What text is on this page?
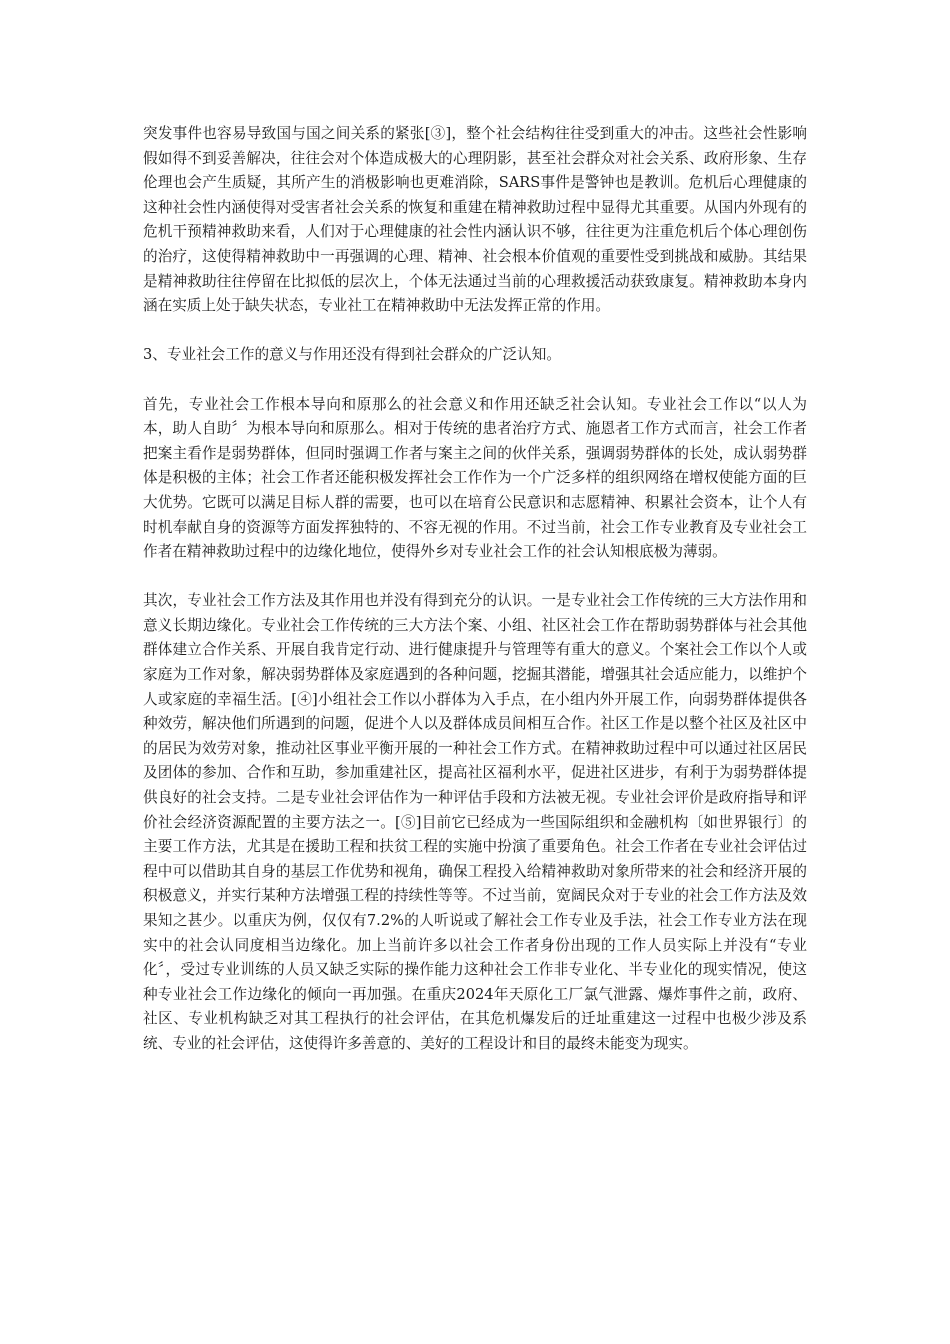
突发事件也容易导致国与国之间关系的紧张[③]，整个社会结构往往受到重大的冲击。这些社会性影响假如得不到妥善解决，往往会对个体造成极大的心理阴影，甚至社会群众对社会关系、政府形象、生存伦理也会产生质疑，其所产生的消极影响也更难消除，SARS事件是警钟也是教训。危机后心理健康的这种社会性内涵使得对受害者社会关系的恢复和重建在精神救助过程中显得尤其重要。从国内外现有的危机干预精神救助来看，人们对于心理健康的社会性内涵认识不够，往往更为注重危机后个体心理创伤的治疗，这使得精神救助中一再强调的心理、精神、社会根本价值观的重要性受到挑战和威胁。其结果是精神救助往往停留在比拟低的层次上，个体无法通过当前的心理救援活动获致康复。精神救助本身内涵在实质上处于缺失状态，专业社工在精神救助中无法发挥正常的作用。

3、专业社会工作的意义与作用还没有得到社会群众的广泛认知。

首先，专业社会工作根本导向和原那么的社会意义和作用还缺乏社会认知。专业社会工作以“以人为本，助人自助〞为根本导向和原那么。相对于传统的患者治疗方式、施恩者工作方式而言，社会工作者把案主看作是弱势群体，但同时强调工作者与案主之间的伙伴关系，强调弱势群体的长处，成认弱势群体是积极的主体；社会工作者还能积极发挥社会工作作为一个广泛多样的组织网络在增权使能方面的巨大优势。它既可以满足目标人群的需要，也可以在培育公民意识和志愿精神、积累社会资本，让个人有时机奉献自身的资源等方面发挥独特的、不容无视的作用。不过当前，社会工作专业教育及专业社会工作者在精神救助过程中的边缘化地位，使得外乡对专业社会工作的社会认知根底极为薄弱。

其次，专业社会工作方法及其作用也并没有得到充分的认识。一是专业社会工作传统的三大方法作用和意义长期边缘化。专业社会工作传统的三大方法个案、小组、社区社会工作在帮助弱势群体与社会其他群体建立合作关系、开展自我肯定行动、进行健康提升与管理等有重大的意义。个案社会工作以个人或家庭为工作对象，解决弱势群体及家庭遇到的各种问题，挖掘其潜能，增强其社会适应能力，以维护个人或家庭的幸福生活。[④]小组社会工作以小群体为入手点，在小组内外开展工作，向弱势群体提供各种效劳，解决他们所遇到的问题，促进个人以及群体成员间相互合作。社区工作是以整个社区及社区中的居民为效劳对象，推动社区事业平衡开展的一种社会工作方式。在精神救助过程中可以通过社区居民及团体的参加、合作和互助，参加重建社区，提高社区福利水平，促进社区进步，有利于为弱势群体提供良好的社会支持。二是专业社会评估作为一种评估手段和方法被无视。专业社会评价是政府指导和评价社会经济资源配置的主要方法之一。[⑤]目前它已经成为一些国际组织和金融机构〔如世界银行〕的主要工作方法，尤其是在援助工程和扶贫工程的实施中扮演了重要角色。社会工作者在专业社会评估过程中可以借助其自身的基层工作优势和视角，确保工程投入给精神救助对象所带来的社会和经济开展的积极意义，并实行某种方法增强工程的持续性等等。不过当前，宽阔民众对于专业的社会工作方法及效果知之甚少。以重庆为例，仅仅有7.2%的人听说或了解社会工作专业及手法，社会工作专业方法在现实中的社会认同度相当边缘化。加上当前许多以社会工作者身份出现的工作人员实际上并没有“专业化〞，受过专业训练的人员又缺乏实际的操作能力这种社会工作非专业化、半专业化的现实情况，使这种专业社会工作边缘化的倾向一再加强。在重庆2024年天原化工厂氯气泄露、爆炸事件之前，政府、社区、专业机构缺乏对其工程执行的社会评估，在其危机爆发后的迁址重建这一过程中也极少涉及系统、专业的社会评估，这使得许多善意的、美好的工程设计和目的最终未能变为现实。
